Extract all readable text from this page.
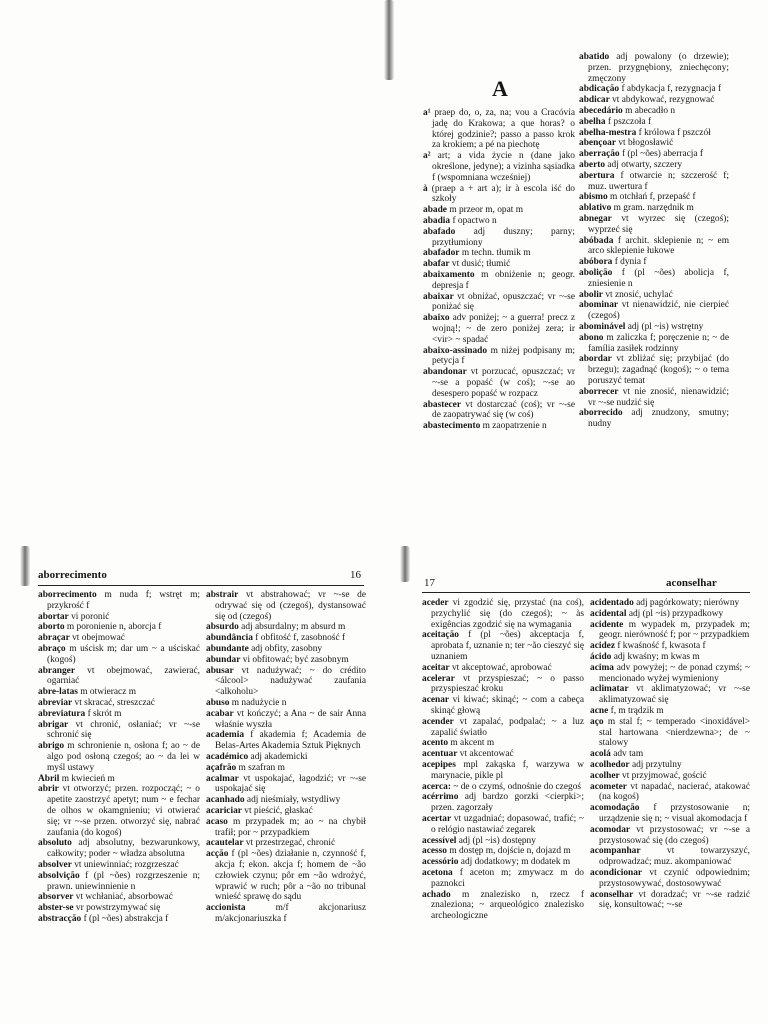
A
a¹ praep do, o, za, na; vou a Cracóvia jadę do Krakowa; a que horas? o której godzinie?; passo a passo krok za krokiem; a pé na piechotę
a² art; a vida życie n (dane jako określone, jedyne); a vizinha sąsiadka f (wspomniana wcześniej)
à (praep a + art a); ir à escola iść do szkoły
abade m przeor m, opat m
abadia f opactwo n
abafado adj duszny; parny; przytłumiony
abafador m techn. tłumik m
abafar vt dusić; tłumić
abaixamento m obniżenie n; geogr. depresja f
abaixar vt obniżać, opuszczać; vr ~-se poniżać się
abaixo adv poniżej; ~ a guerra! precz z wojną!; ~ de zero poniżej zera; ir <vir> ~ spadać
abaixo-assinado m niżej podpisany m; petycja f
abandonar vt porzucać, opuszczać; vr ~-se a popaść (w coś); ~-se ao desespero popaść w rozpacz
abastecer vt dostarczać (coś); vr ~-se de zaopatrywać się (w coś)
abastecimento m zaopatrzenie n
abatido adj powalony (o drzewie); przen. przygnębiony, zniechęcony; zmęczony
abdicação f abdykacja f, rezygnacja f
abdicar vt abdykować, rezygnować
abecedário m abecadło n
abelha f pszczoła f
abelha-mestra f królowa f pszczół
abençoar vt błogosławić
aberração f (pl ~ões) aberracja f
aberto adj otwarty, szczery
abertura f otwarcie n; szczerość f; muz. uwertura f
abismo m otchłań f, przepaść f
ablativo m gram. narzędnik m
abnegar vt wyrzec się (czegoś); wyprzeć się
abóbada f archit. sklepienie n; ~ em arco sklepienie łukowe
abóbora f dynia f
abolição f (pl ~ões) abolicja f, zniesienie n
abolir vt znosić, uchylać
abominar vt nienawidzić, nie cierpieć (czegoś)
abominável adj (pl ~is) wstrętny
abono m zaliczka f; poręczenie n; ~ de família zasiłek rodzinny
abordar vt zbliżać się; przybijać (do brzegu); zagadnąć (kogoś); ~ o tema poruszyć temat
aborrecer vt nie znosić, nienawidzić; vr ~-se nudzić się
aborrecido adj znudzony, smutny; nudny
aborrecimento	16
aborrecimento m nuda f; wstręt m; przykrość f
abortar vi poronić
aborto m poronienie n, aborcja f
abraçar vt obejmować
abraço m uścisk m; dar um ~ a uściskać (kogoś)
abranger vt obejmować, zawierać, ogarniać
abre-latas m otwieracz m
abreviar vt skracać, streszczać
abreviatura f skrót m
abrigar vt chronić, osłaniać; vr ~-se schronić się
abrigo m schronienie n, osłona f; ao ~ de algo pod osłoną czegoś; ao ~ da lei w myśl ustawy
Abril m kwiecień m
abrir vt otworzyć; przen. rozpocząć; ~ o apetite zaostrzyć apetyt; num ~ e fechar de olhos w okamgnieniu; vi otwierać się; vr ~-se przen. otworzyć się, nabrać zaufania (do kogoś)
absoluto adj absolutny, bezwarunkowy, całkowity; poder ~ władza absolutna
absolver vt uniewinniać; rozgrzeszać
absolvição f (pl ~ões) rozgrzeszenie n; prawn. uniewinnienie n
absorver vt wchłaniać, absorbować
abster-se vr powstrzymywać się
abstracção f (pl ~ões) abstrakcja f
abstrair vt abstrahować; vr ~-se de odrywać się od (czegoś), dystansować się od (czegoś)
absurdo adj absurdalny; m absurd m
abundância f obfitość f, zasobność f
abundante adj obfity, zasobny
abundar vi obfitować; być zasobnym
abusar vt nadużywać; ~ do crédito <álcool> nadużywać zaufania <alkoholu>
abuso m nadużycie n
acabar vt kończyć; a Ana ~ de sair Anna właśnie wyszła
academia f akademia f; Academia de Belas-Artes Akademia Sztuk Pięknych
académico adj akademicki
açafrão m szafran m
acalmar vt uspokajać, łagodzić; vr ~-se uspokajać się
acanhado adj nieśmiały, wstydliwy
acariciar vt pieścić, głaskać
acaso m przypadek m; ao ~ na chybił trafił; por ~ przypadkiem
acautelar vt przestrzegać, chronić
acção f (pl ~ões) działanie n, czynność f, akcja f; ekon. akcja f; homem de ~ão człowiek czynu; pôr em ~ão wdrożyć, wprawić w ruch; pôr a ~ão no tribunal wnieść sprawę do sądu
accionista m/f akcjonariusz m/akcjonariuszka f
17	aconselhar
aceder vi zgodzić się, przystać (na coś), przychylić się (do czegoś); ~ às exigências zgodzić się na wymagania
aceitação f (pl ~ões) akceptacja f, aprobata f, uznanie n; ter ~ão cieszyć się uznaniem
aceitar vt akceptować, aprobować
acelerar vt przyspieszać; ~ o passo przyspieszać kroku
acenar vi kiwać; skinąć; ~ com a cabeça skinąć głową
acender vt zapalać, podpalać; ~ a luz zapalić światło
acento m akcent m
acentuar vt akcentować
acepipes mpl zakąska f, warzywa w marynacie, pikle pl
acerca: ~ de o czymś, odnośnie do czegoś
acérrimo adj bardzo gorzki <cierpki>; przen. zagorzały
acertar vt uzgadniać; dopasować, trafić; ~ o relógio nastawiać zegarek
acessível adj (pl ~is) dostępny
acesso m dostęp m, dojście n, dojazd m
acessório adj dodatkowy; m dodatek m
acetona f aceton m; zmywacz m do paznokci
achado m znalezisko n, rzecz f znaleziona; ~ arqueológico znalezisko archeologiczne
acidentado adj pagórkowaty; nierówny
acidental adj (pl ~is) przypadkowy
acidente m wypadek m, przypadek m; geogr. nierówność f; por ~ przypadkiem
acidez f kwaśność f, kwasota f
ácido adj kwaśny; m kwas m
acima adv powyżej; ~ de ponad czymś; ~ mencionado wyżej wymieniony
aclimatar vt aklimatyzować; vr ~-se aklimatyzować się
acne f, m trądzik m
aço m stal f; ~ temperado <inoxidável> stal hartowana <nierdzewna>; de ~ stalowy
acolá adv tam
acolhedor adj przytulny
acolher vt przyjmować, gościć
acometer vt napadać, nacierać, atakować (na kogoś)
acomodação f przystosowanie n; urządzenie się n; ~ visual akomodacja f
acomodar vt przystosować; vr ~-se a przystosować się (do czegoś)
acompanhar vt towarzyszyć, odprowadzać; muz. akompaniować
acondicionar vt czynić odpowiednim; przystosowywać, dostosowywać
aconselhar vt doradzać; vr ~-se radzić się, konsultować; ~-se
